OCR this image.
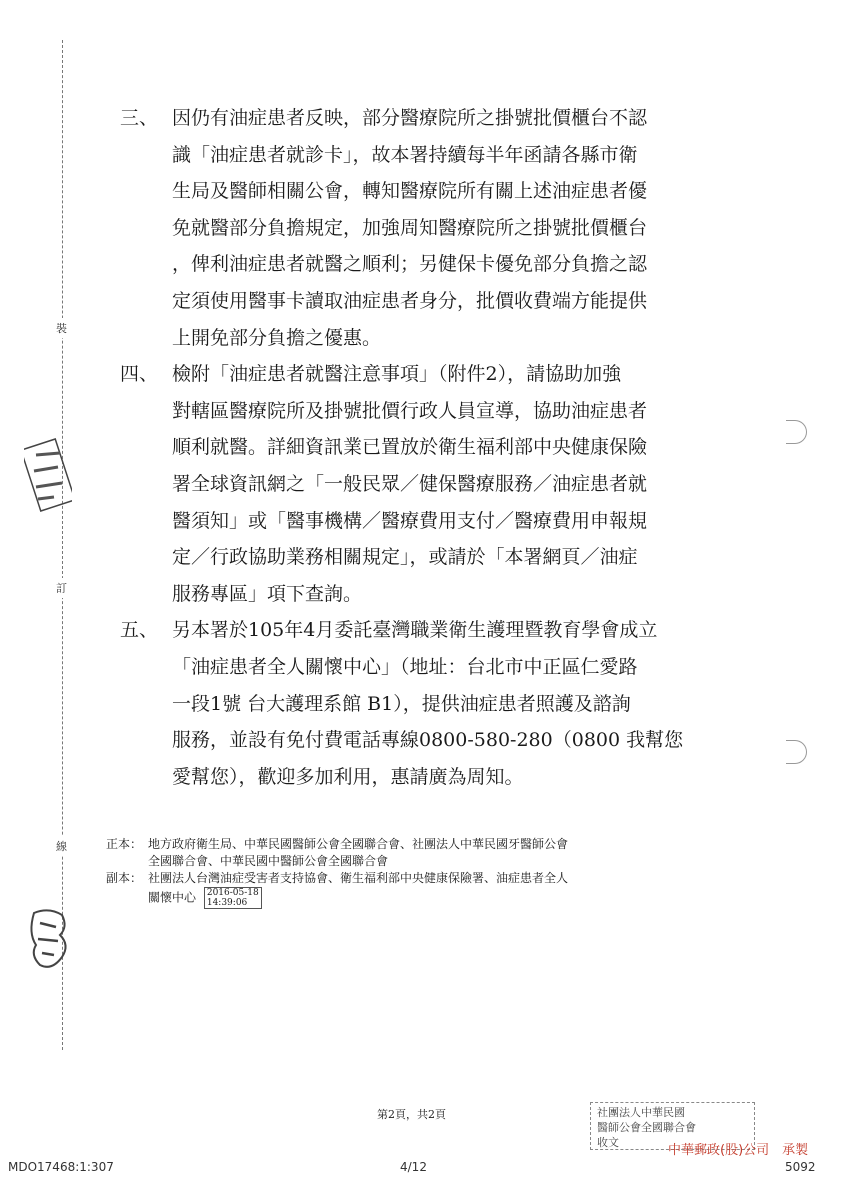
裝
訂
線
三、 因仍有油症患者反映，部分醫療院所之掛號批價櫃台不認
識「油症患者就診卡」，故本署持續每半年函請各縣市衛
生局及醫師相關公會，轉知醫療院所有關上述油症患者優
免就醫部分負擔規定，加強周知醫療院所之掛號批價櫃台
，俾利油症患者就醫之順利；另健保卡優免部分負擔之認
定須使用醫事卡讀取油症患者身分，批價收費端方能提供
上開免部分負擔之優惠。
四、 檢附「油症患者就醫注意事項」（附件2），請協助加強
對轄區醫療院所及掛號批價行政人員宣導，協助油症患者
順利就醫。詳細資訊業已置放於衛生福利部中央健康保險
署全球資訊網之「一般民眾／健保醫療服務／油症患者就
醫須知」或「醫事機構／醫療費用支付／醫療費用申報規
定／行政協助業務相關規定」，或請於「本署網頁／油症
服務專區」項下查詢。
五、 另本署於105年4月委託臺灣職業衛生護理暨教育學會成立
「油症患者全人關懷中心」（地址：台北市中正區仁愛路
一段1號 台大護理系館 B1），提供油症患者照護及諮詢
服務，並設有免付費電話專線0800-580-280（0800 我幫您
愛幫您），歡迎多加利用，惠請廣為周知。
正本： 地方政府衛生局、中華民國醫師公會全國聯合會、社團法人中華民國牙醫師公會
全國聯合會、中華民國中醫師公會全國聯合會
副本： 社團法人台灣油症受害者支持協會、衛生福利部中央健康保險署、油症患者全人
關懷中心 2016-05-18
14:39:06
第2頁，共2頁	社團法人中華民國
醫師公會全國聯合會
收文
中華郵政(股)公司　承製
MDO17468:1:307	4/12	5092
